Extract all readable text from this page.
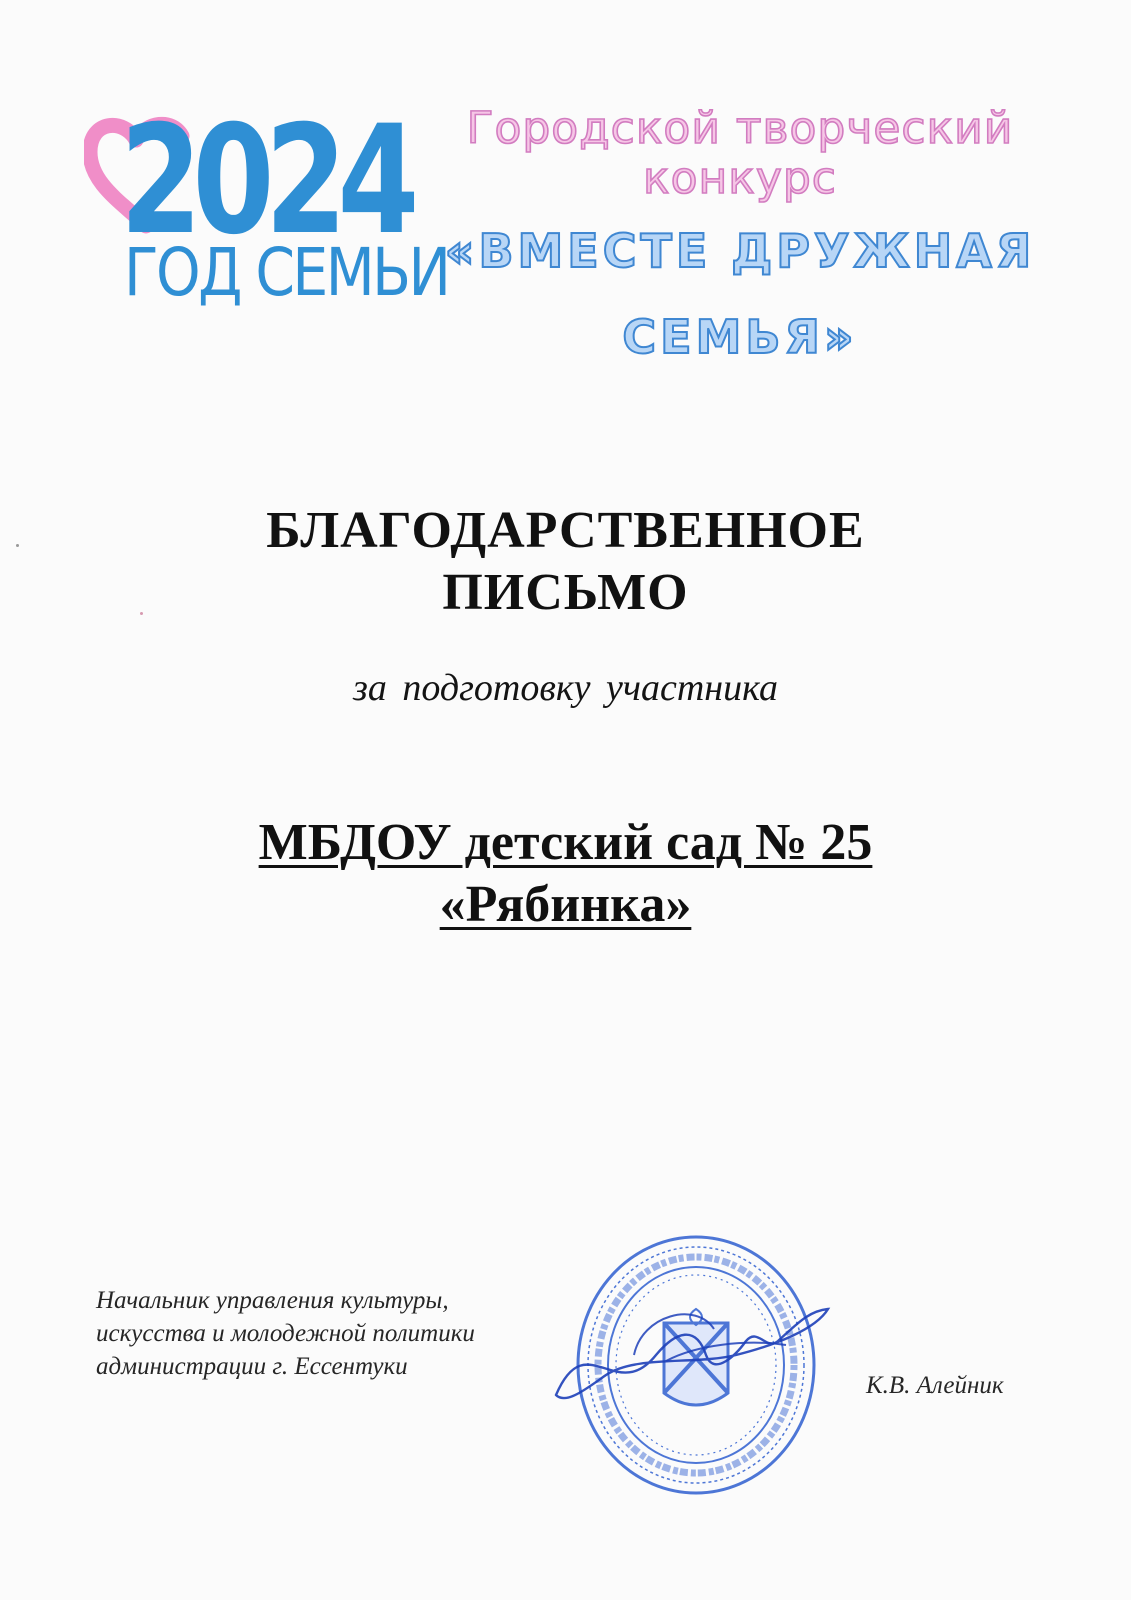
2024
ГОД СЕМЬИ
Городской творческий
конкурс
«ВМЕСТЕ ДРУЖНАЯ
СЕМЬЯ»
БЛАГОДАРСТВЕННОЕ
ПИСЬМО
за подготовку участника
МБДОУ детский сад № 25
«Рябинка»
Начальник управления культуры,
искусства и молодежной политики
администрации г. Ессентуки
К.В. Алейник
